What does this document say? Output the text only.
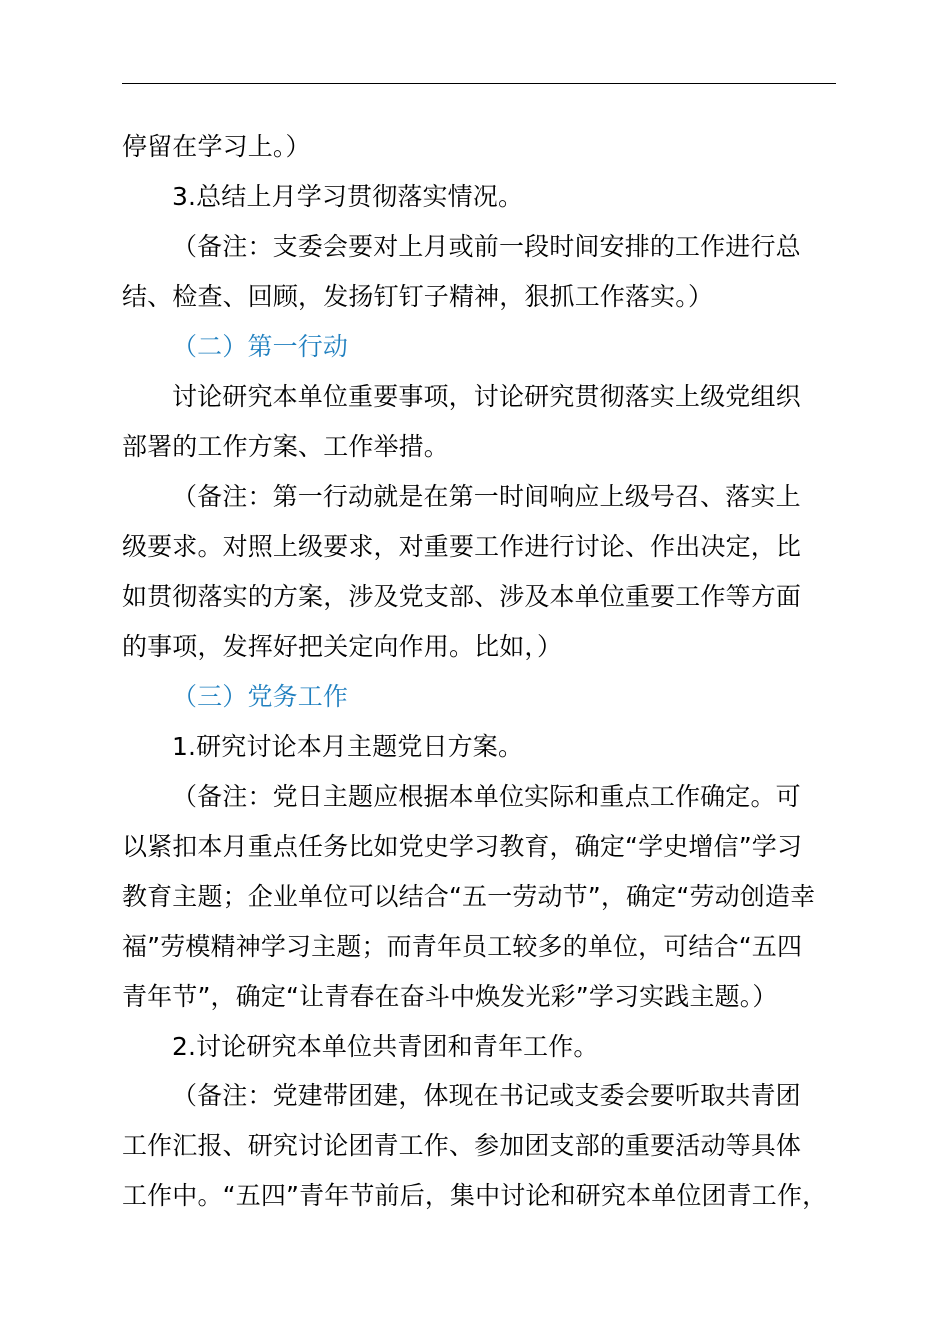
停留在学习上。）
3.总结上月学习贯彻落实情况。
（备注：支委会要对上月或前一段时间安排的工作进行总
结、检查、回顾，发扬钉钉子精神，狠抓工作落实。）
（二）第一行动
讨论研究本单位重要事项，讨论研究贯彻落实上级党组织
部署的工作方案、工作举措。
（备注：第一行动就是在第一时间响应上级号召、落实上
级要求。对照上级要求，对重要工作进行讨论、作出决定，比
如贯彻落实的方案，涉及党支部、涉及本单位重要工作等方面
的事项，发挥好把关定向作用。比如，）
（三）党务工作
1.研究讨论本月主题党日方案。
（备注：党日主题应根据本单位实际和重点工作确定。可
以紧扣本月重点任务比如党史学习教育，确定“学史增信”学习
教育主题；企业单位可以结合“五一劳动节”，确定“劳动创造幸
福”劳模精神学习主题；而青年员工较多的单位，可结合“五四
青年节”，确定“让青春在奋斗中焕发光彩”学习实践主题。）
2.讨论研究本单位共青团和青年工作。
（备注：党建带团建，体现在书记或支委会要听取共青团
工作汇报、研究讨论团青工作、参加团支部的重要活动等具体
工作中。“五四”青年节前后，集中讨论和研究本单位团青工作，
